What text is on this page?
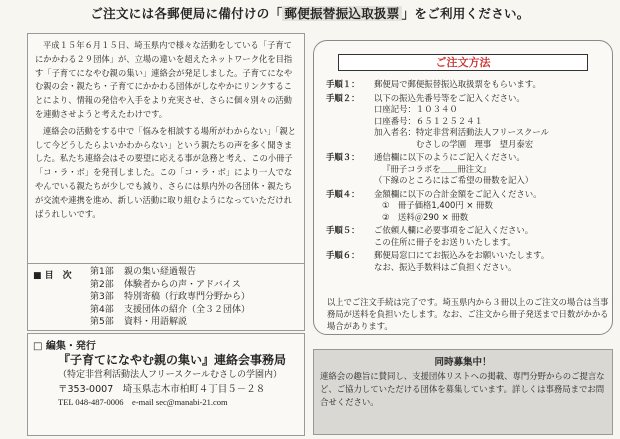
ご注文には各郵便局に備付けの「 郵便振替振込取扱票 」をご利用ください。

平成１５年６月１５日、埼玉県内で様々な活動をしている「子育てにかかわる２９団体」が、立場の違いを超えたネットワーク化を目指す「子育てになやむ親の集い」連絡会が発足しました。子育てになやむ親の会・親たち・子育てにかかわる団体がしなやかにリンクすることにより、情報の発信や入手をより充実させ、さらに個々別々の活動を連動させようと考えたわけです。

連絡会の活動をする中で「悩みを相談する場所がわからない」「親として今どうしたらよいかわからない」という親たちの声を多く聞きました。私たち連絡会はその要望に応える事が急務と考え、この小冊子「コ・ラ・ボ」を発刊しました。この「コ・ラ・ボ」により一人でなやんでいる親たちが少しでも減り、さらには県内外の各団体・親たちが交流や連携を進め、新しい活動に取り組むようになっていただければうれしいです。

■ 目　次 第1部 親の集い経過報告
第2部 体験者からの声・アドバイス
第3部 特別寄稿（行政専門分野から）
第4部 支援団体の紹介（全３２団体）
第5部 資料・用語解説
□ 編集・発行
『子育てになやむ親の集い』連絡会事務局
（特定非営利活動法人フリースクールむさしの学園内）
〒353-0007　埼玉県志木市柏町４丁目５－２８
TEL 048-487-0006　e-mail sec@manabi-21.com
ご注文方法
手順１： 郵便局で郵便振替振込取扱票をもらいます。
手順２： 以下の振込先番号等をご記入ください。
口座記号：１０３４０
口座番号：６５１２５２４１
加入者名：特定非営利活動法人フリースクール
　　　　　むさしの学園　理事　望月泰宏
手順３： 通信欄に以下のようにご記入ください。
『冊子コラボを＿＿冊注文』
（下線のところにはご希望の冊数を記入）
手順４： 金額欄に以下の合計金額をご記入ください。
①　冊子価格1,400円 × 冊数
②　送料＠290 × 冊数
手順５： ご依頼人欄に必要事項をご記入ください。
この住所に冊子をお送りいたします。
手順６： 郵便局窓口にてお振込みをお願いいたします。
なお、振込手数料はご負担ください。
以上でご注文手続は完了です。埼玉県内から３冊以上のご注文の場合は当事務局が送料を負担いたします。なお、ご注文から冊子発送まで日数がかかる場合があります。
同時募集中！
連絡会の趣旨に賛同し、支援団体リストへの掲載、専門分野からのご提言など、ご協力していただける団体を募集しています。詳しくは事務局までお問合せください。
